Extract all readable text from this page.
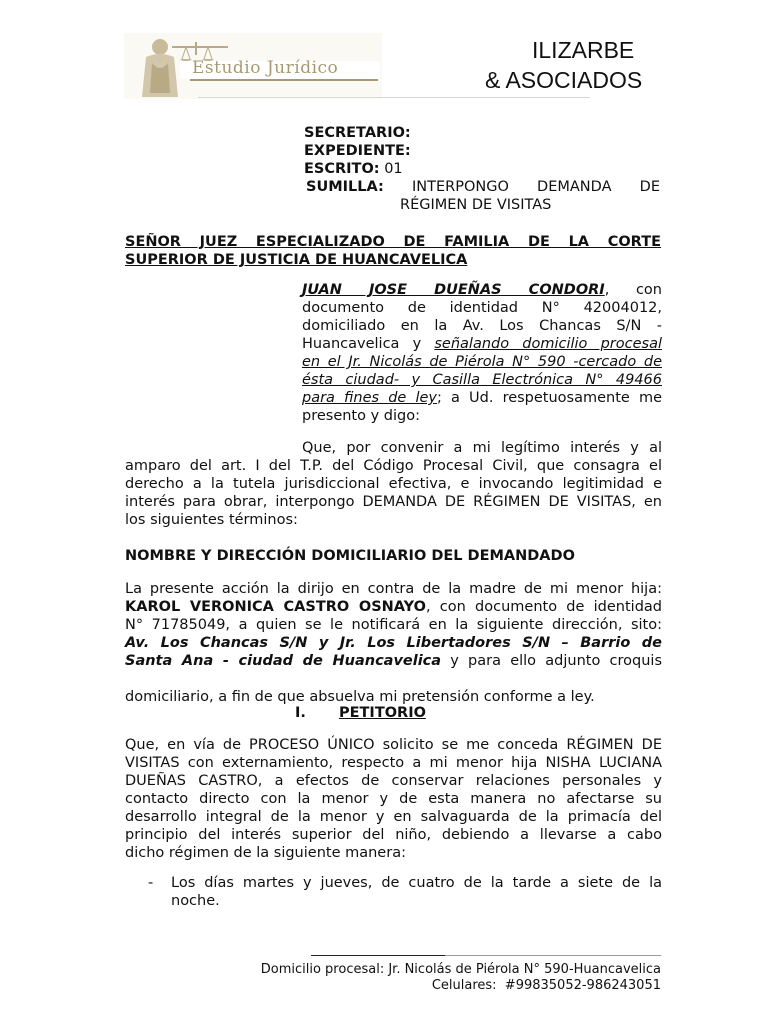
Estudio Jurídico
ILIZARBE
& ASOCIADOS
SECRETARIO:
EXPEDIENTE:
ESCRITO: 01
SUMILLA: INTERPONGO DEMANDA DE
RÉGIMEN DE VISITAS
SEÑOR JUEZ ESPECIALIZADO DE FAMILIA DE LA CORTE
SUPERIOR DE JUSTICIA DE HUANCAVELICA
JUAN JOSE DUEÑAS CONDORI, con
documento de identidad N° 42004012,
domiciliado en la Av. Los Chancas S/N -
Huancavelica y señalando domicilio procesal
en el Jr. Nicolás de Piérola N° 590 -cercado de
ésta ciudad- y Casilla Electrónica N° 49466
para fines de ley; a Ud. respetuosamente me
presento y digo:
Que, por convenir a mi legítimo interés y al
amparo del art. I del T.P. del Código Procesal Civil, que consagra el
derecho a la tutela jurisdiccional efectiva, e invocando legitimidad e
interés para obrar, interpongo DEMANDA DE RÉGIMEN DE VISITAS, en
los siguientes términos:
NOMBRE Y DIRECCIÓN DOMICILIARIO DEL DEMANDADO
La presente acción la dirijo en contra de la madre de mi menor hija:
KAROL VERONICA CASTRO OSNAYO, con documento de identidad
N° 71785049, a quien se le notificará en la siguiente dirección, sito:
Av. Los Chancas S/N y Jr. Los Libertadores S/N – Barrio de
Santa Ana - ciudad de Huancavelica y para ello adjunto croquis
domiciliario, a fin de que absuelva mi pretensión conforme a ley.
I. PETITORIO
Que, en vía de PROCESO ÚNICO solicito se me conceda RÉGIMEN DE
VISITAS con externamiento, respecto a mi menor hija NISHA LUCIANA
DUEÑAS CASTRO, a efectos de conservar relaciones personales y
contacto directo con la menor y de esta manera no afectarse su
desarrollo integral de la menor y en salvaguarda de la primacía del
principio del interés superior del niño, debiendo a llevarse a cabo
dicho régimen de la siguiente manera:
- Los días martes y jueves, de cuatro de la tarde a siete de la
noche.
Domicilio procesal: Jr. Nicolás de Piérola N° 590-Huancavelica
Celulares:  #99835052-986243051
